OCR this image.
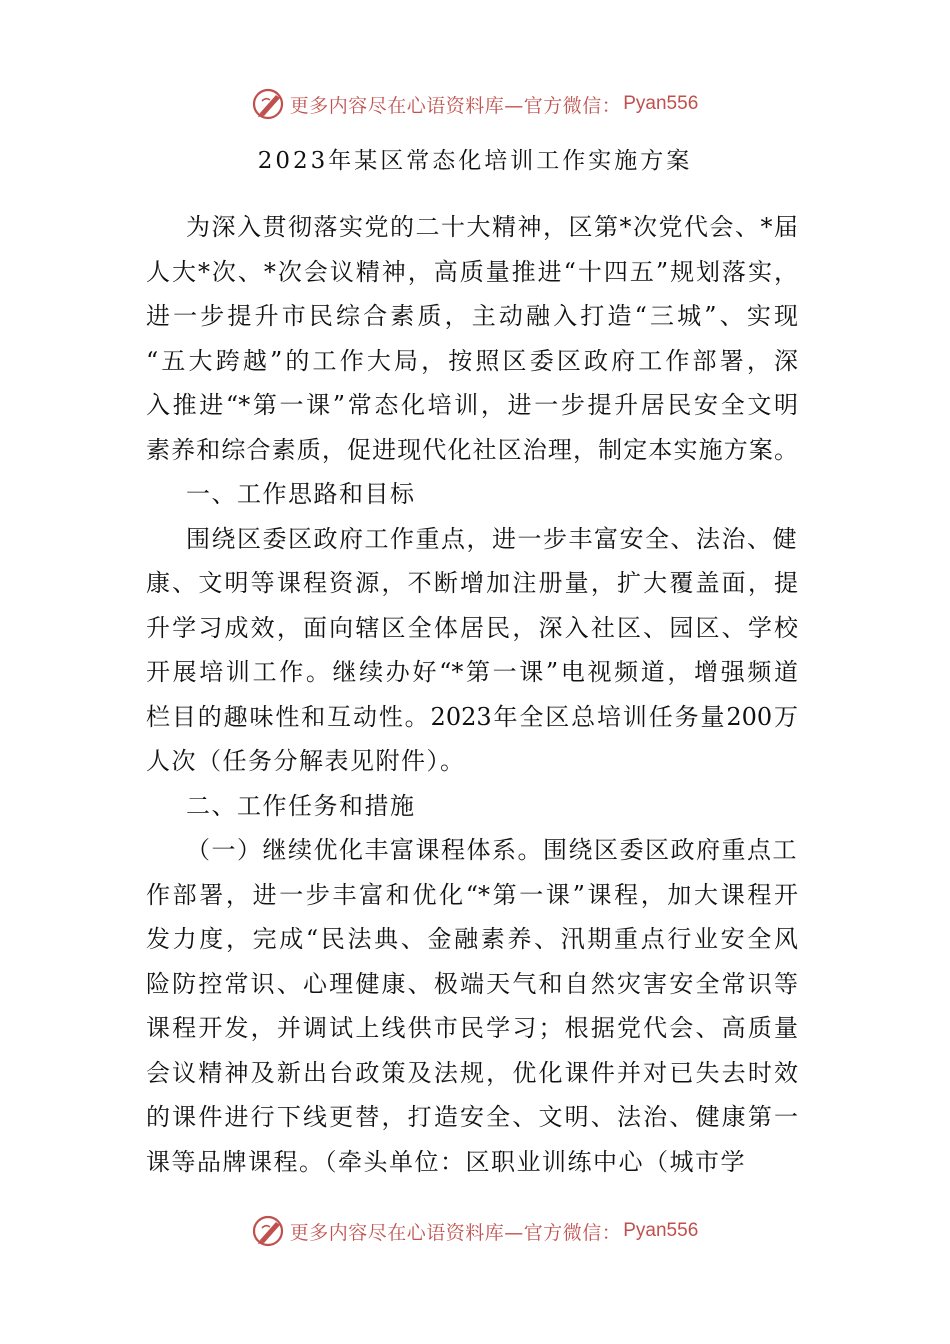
更多内容尽在心语资料库—官方微信： Pyan556
2023年某区常态化培训工作实施方案
为深入贯彻落实党的二十大精神，区第*次党代会、*届
人大*次、*次会议精神，高质量推进“十四五”规划落实，
进一步提升市民综合素质，主动融入打造“三城”、实现
“五大跨越”的工作大局，按照区委区政府工作部署，深
入推进“*第一课”常态化培训，进一步提升居民安全文明
素养和综合素质，促进现代化社区治理，制定本实施方案。
一、工作思路和目标
围绕区委区政府工作重点，进一步丰富安全、法治、健
康、文明等课程资源，不断增加注册量，扩大覆盖面，提
升学习成效，面向辖区全体居民，深入社区、园区、学校
开展培训工作。继续办好“*第一课”电视频道，增强频道
栏目的趣味性和互动性。2023年全区总培训任务量200万
人次（任务分解表见附件）。
二、工作任务和措施
（一）继续优化丰富课程体系。围绕区委区政府重点工
作部署，进一步丰富和优化“*第一课”课程，加大课程开
发力度，完成“民法典、金融素养、汛期重点行业安全风
险防控常识、心理健康、极端天气和自然灾害安全常识等
课程开发，并调试上线供市民学习；根据党代会、高质量
会议精神及新出台政策及法规，优化课件并对已失去时效
的课件进行下线更替，打造安全、文明、法治、健康第一
课等品牌课程。（牵头单位：区职业训练中心（城市学
更多内容尽在心语资料库—官方微信： Pyan556
